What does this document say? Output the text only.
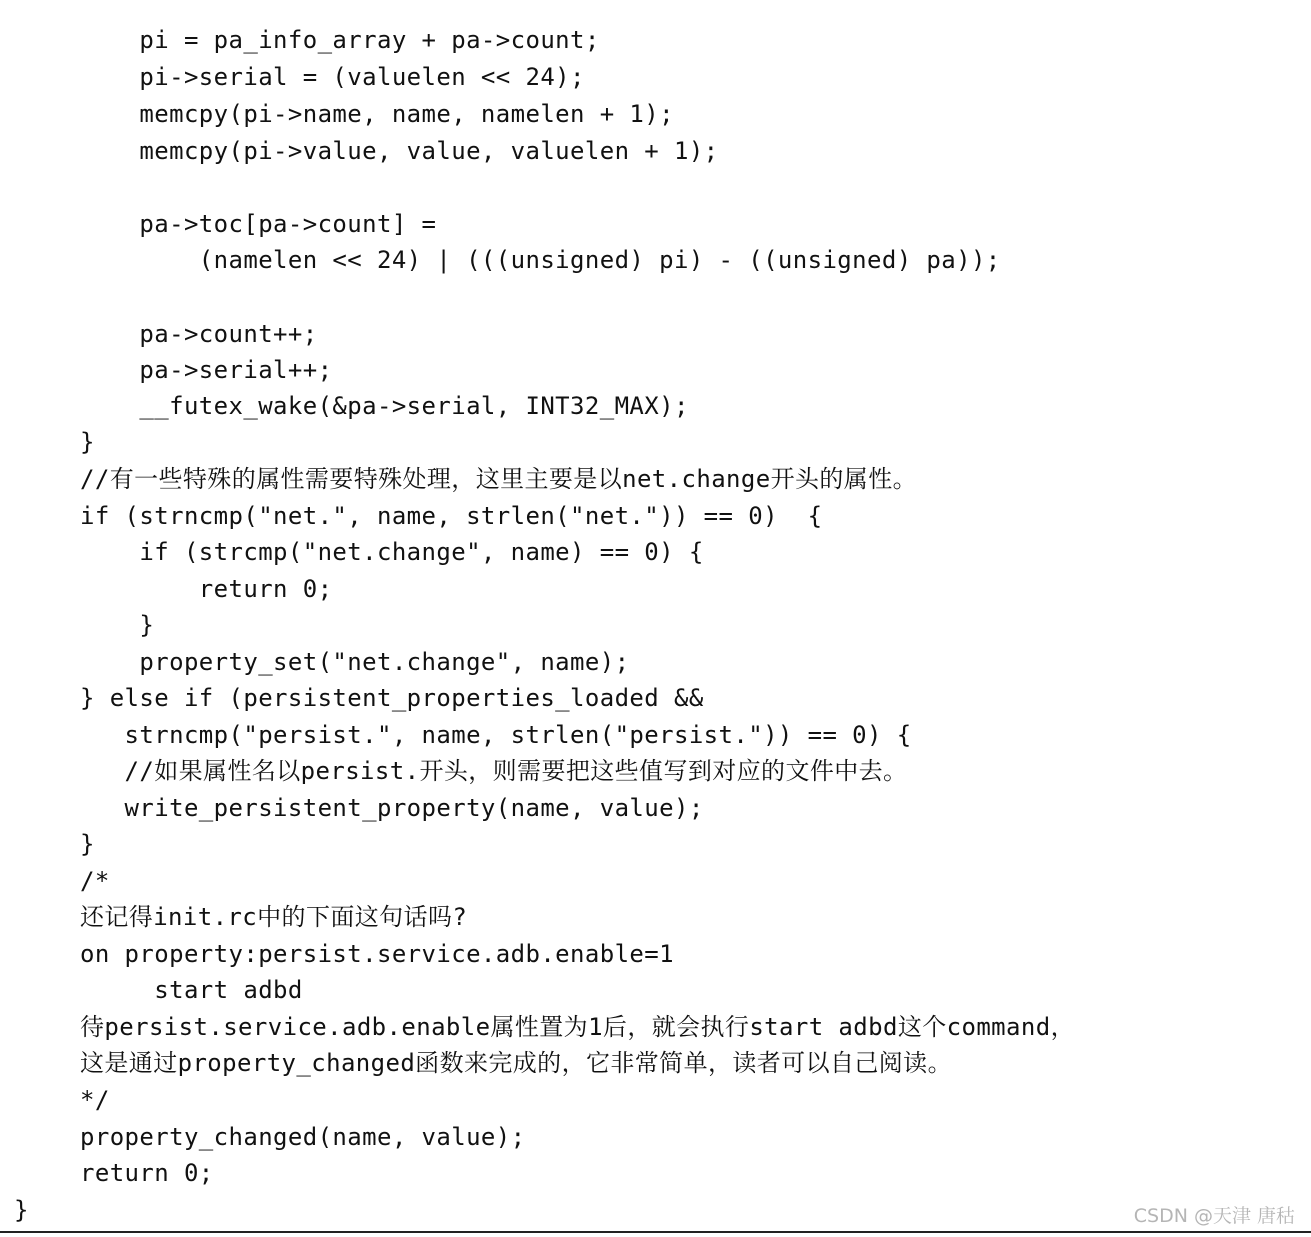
pi = pa_info_array + pa->count;
pi->serial = (valuelen << 24);
memcpy(pi->name, name, namelen + 1);
memcpy(pi->value, value, valuelen + 1);
pa->toc[pa->count] =
(namelen << 24) | (((unsigned) pi) - ((unsigned) pa));
pa->count++;
pa->serial++;
__futex_wake(&pa->serial, INT32_MAX);
}
//有一些特殊的属性需要特殊处理，这里主要是以net.change开头的属性。
if (strncmp("net.", name, strlen("net.")) == 0)  {
if (strcmp("net.change", name) == 0) {
return 0;
}
property_set("net.change", name);
} else if (persistent_properties_loaded &&
strncmp("persist.", name, strlen("persist.")) == 0) {
//如果属性名以persist.开头，则需要把这些值写到对应的文件中去。
write_persistent_property(name, value);
}
/*
还记得init.rc中的下面这句话吗?
on property:persist.service.adb.enable=1
start adbd
待persist.service.adb.enable属性置为1后，就会执行start adbd这个command，
这是通过property_changed函数来完成的，它非常简单，读者可以自己阅读。
*/
property_changed(name, value);
return 0;
}	CSDN @天津 唐秙
